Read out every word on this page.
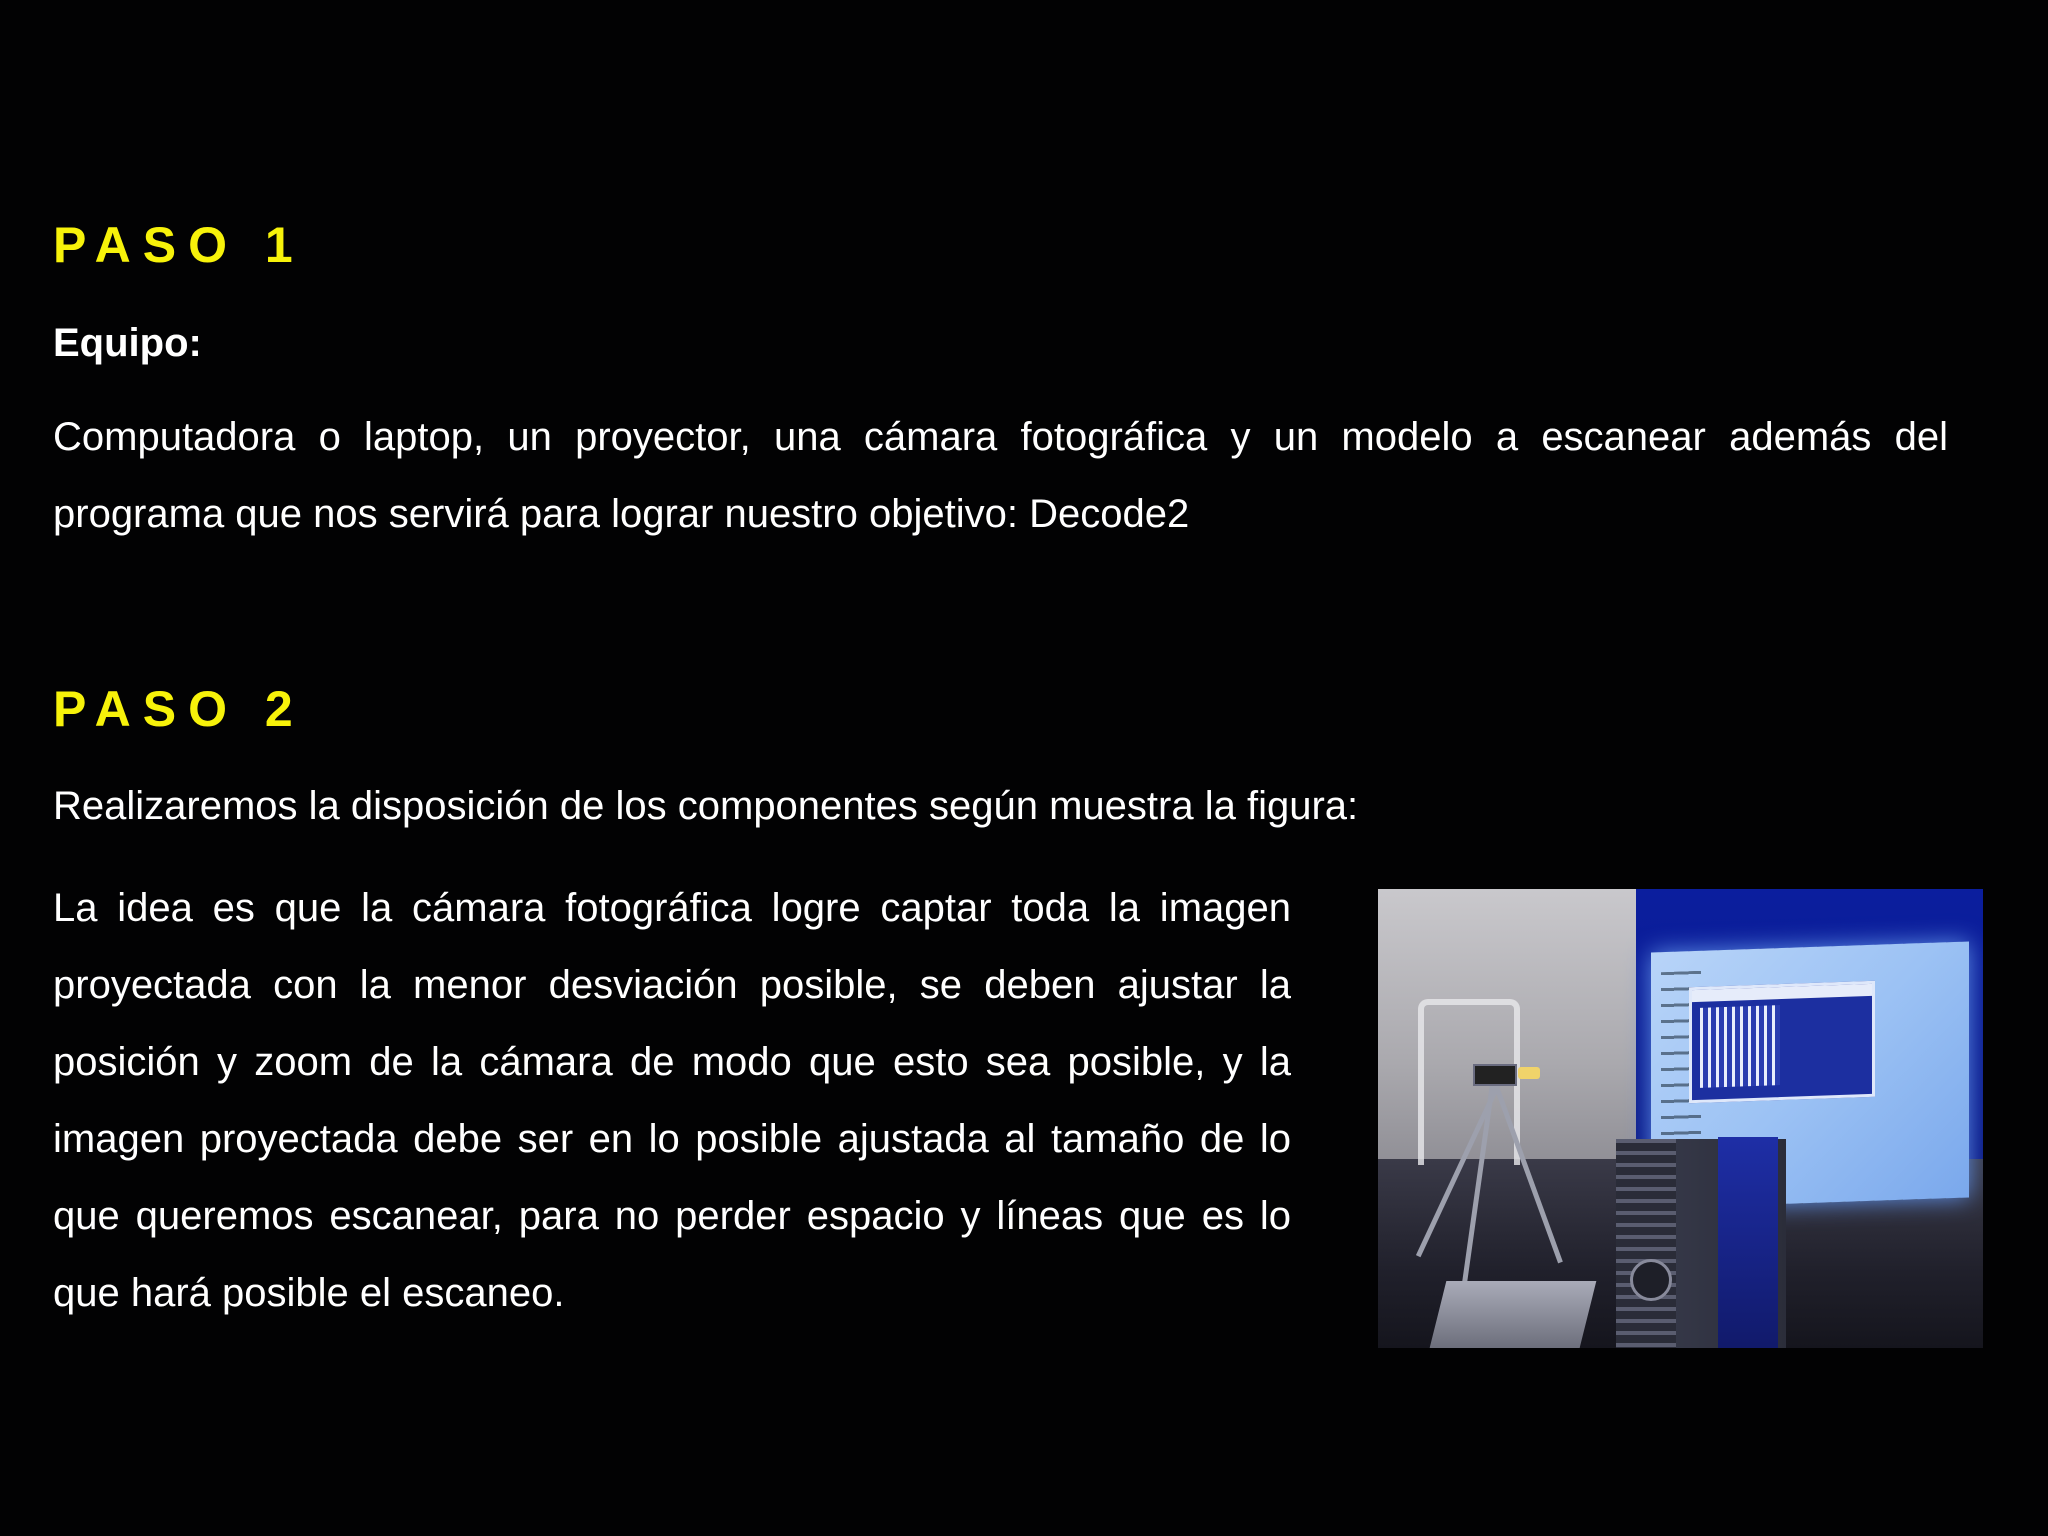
PASO 1

Equipo:

Computadora o laptop, un proyector, una cámara fotográfica y un modelo a escanear además del programa que nos servirá para lograr nuestro objetivo: Decode2

PASO 2

Realizaremos la disposición de los componentes según muestra la figura:

La idea es que la cámara fotográfica logre captar toda la imagen proyectada con la menor desviación posible, se deben ajustar la posición y zoom de la cámara de modo que esto sea posible, y la imagen proyectada debe ser en lo posible ajustada al tamaño de lo que queremos escanear, para no perder espacio y líneas que es lo que hará posible el escaneo.
